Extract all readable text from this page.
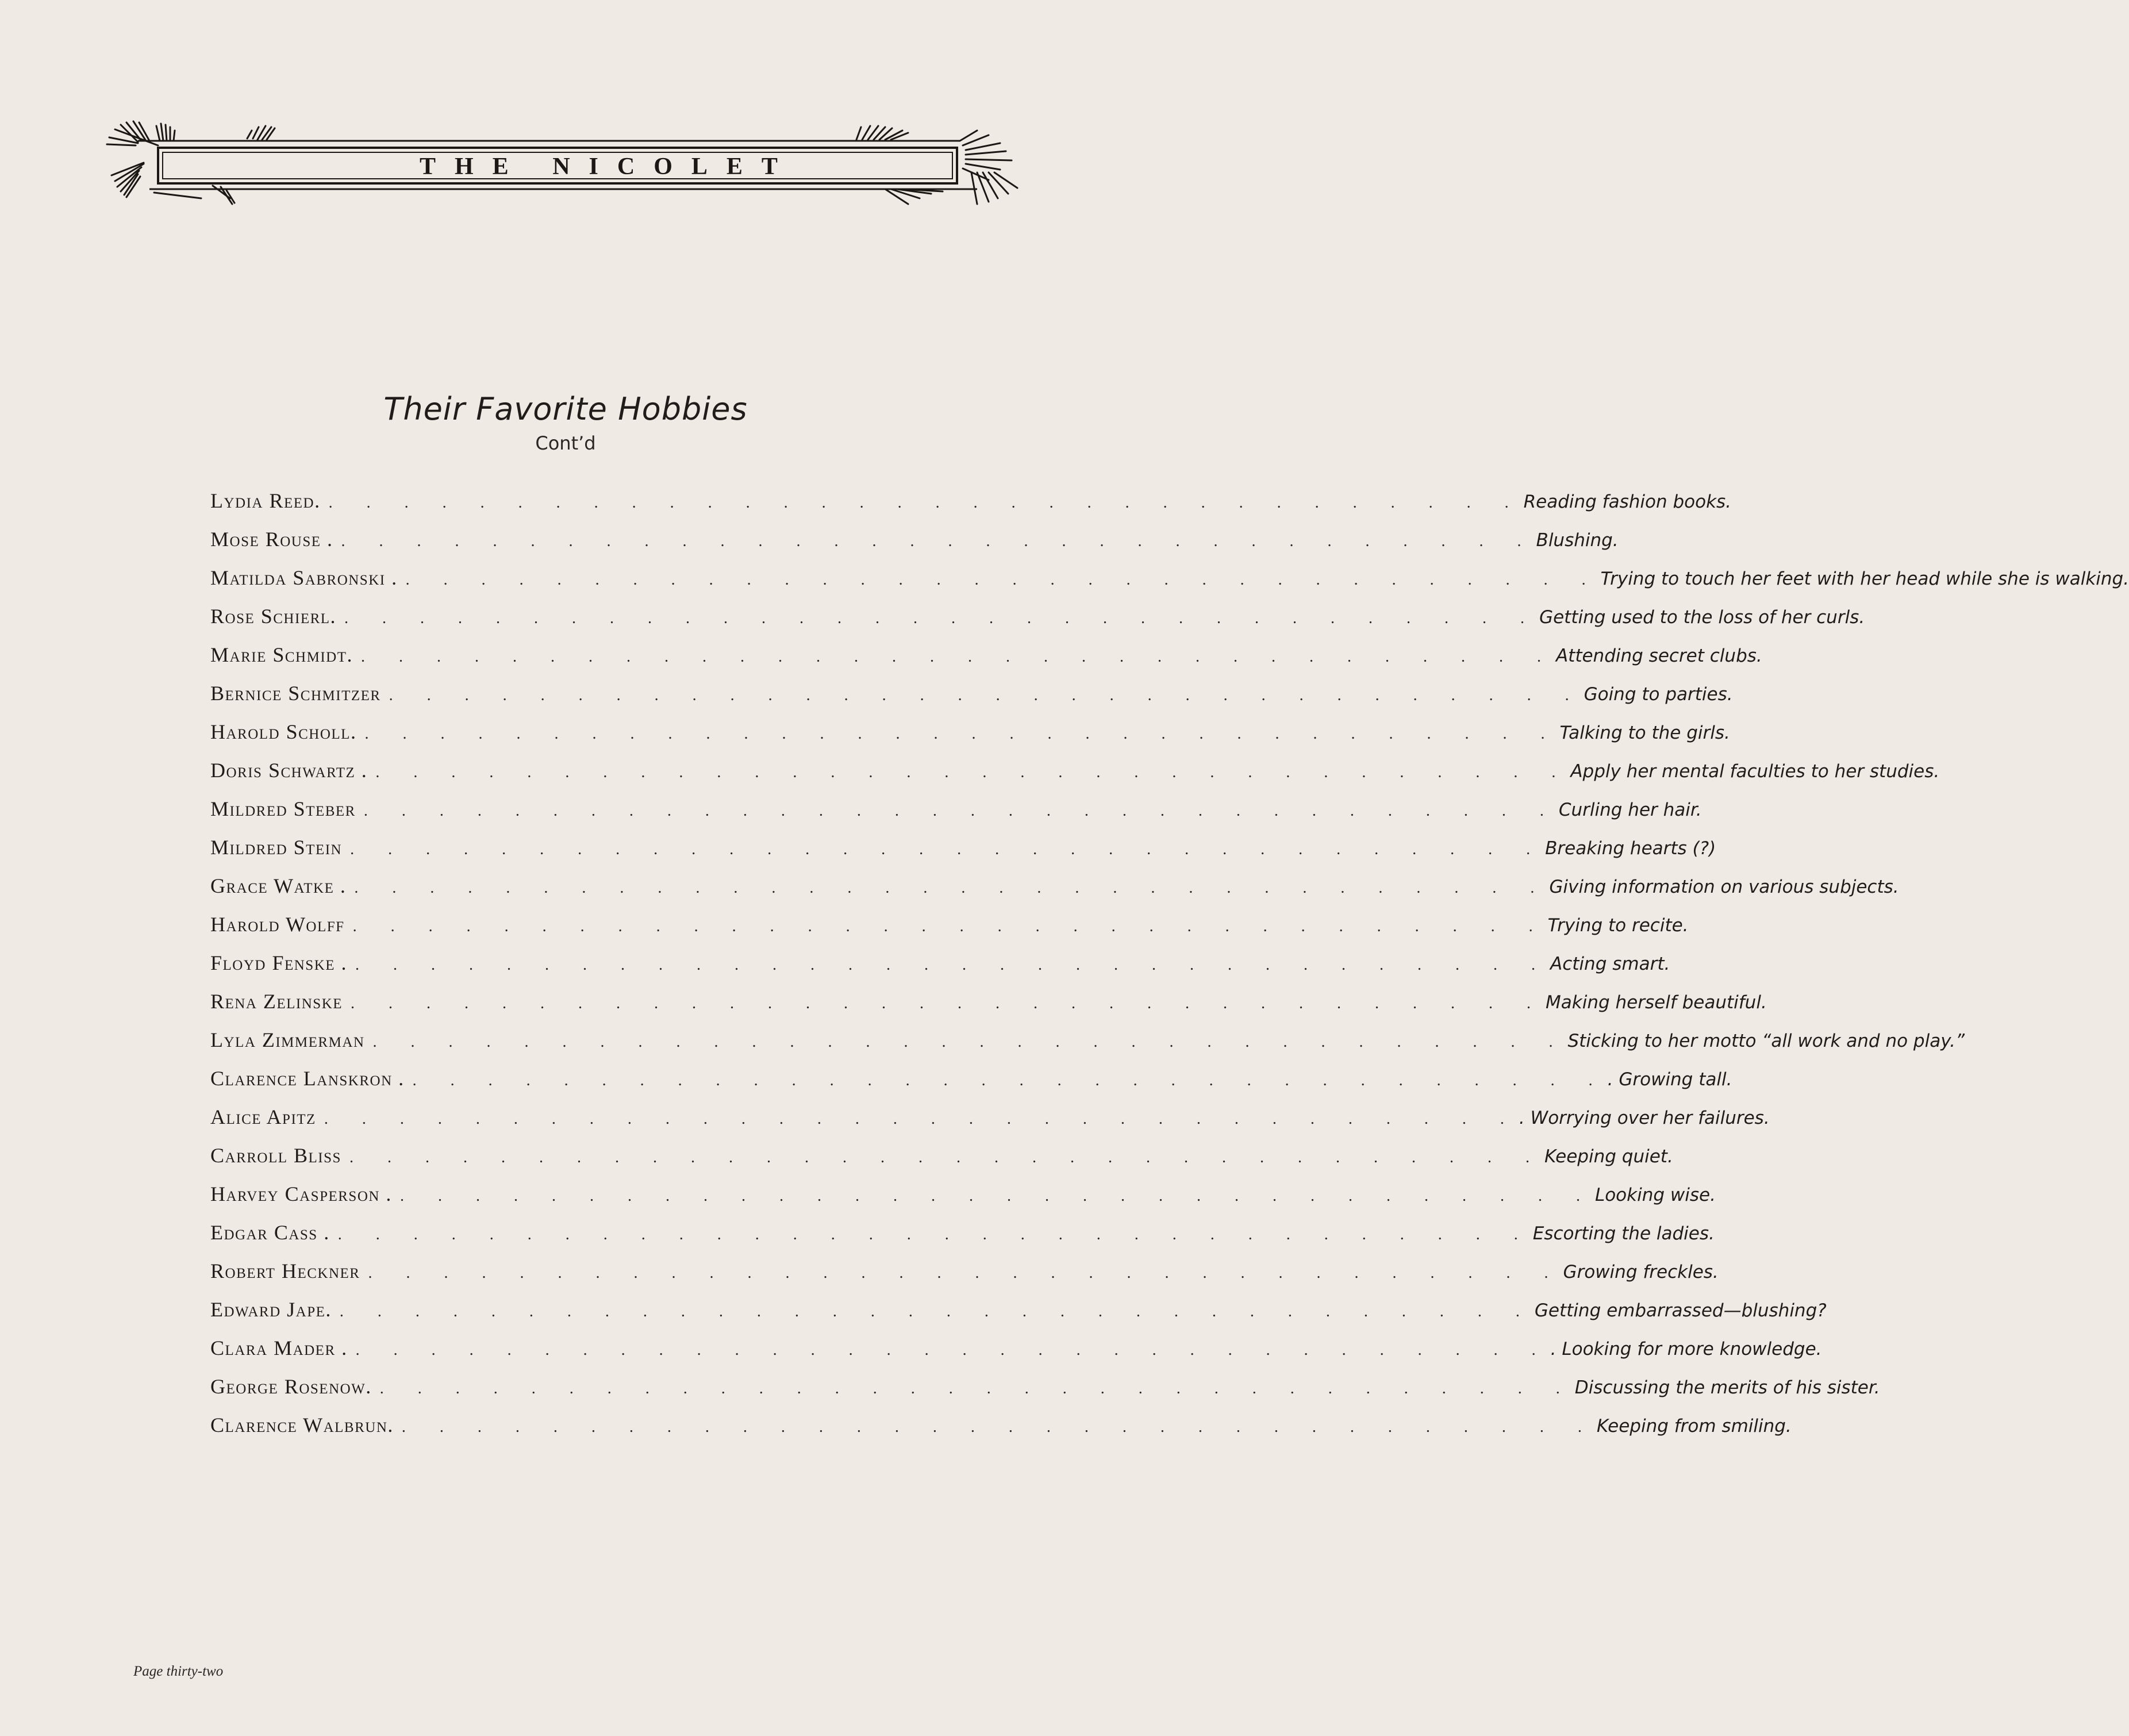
THE NICOLET
Their Favorite Hobbies
Cont’d
Lydia Reed. . . . . . . . . . . . . . . . . . . . . . . . . . . . . . . . . Reading fashion books.
Mose Rouse . . . . . . . . . . . . . . . . . . . . . . . . . . . . . . . . . Blushing.
Matilda Sabronski . . . . . . . . . . . . . . . . . . . . . . . . . . . . . . . . . Trying to touch her feet with her head while she is walking.
Rose Schierl. . . . . . . . . . . . . . . . . . . . . . . . . . . . . . . . . Getting used to the loss of her curls.
Marie Schmidt. . . . . . . . . . . . . . . . . . . . . . . . . . . . . . . . . Attending secret clubs.
Bernice Schmitzer . . . . . . . . . . . . . . . . . . . . . . . . . . . . . . . . Going to parties.
Harold Scholl. . . . . . . . . . . . . . . . . . . . . . . . . . . . . . . . . Talking to the girls.
Doris Schwartz . . . . . . . . . . . . . . . . . . . . . . . . . . . . . . . . . Apply her mental faculties to her studies.
Mildred Steber . . . . . . . . . . . . . . . . . . . . . . . . . . . . . . . . Curling her hair.
Mildred Stein . . . . . . . . . . . . . . . . . . . . . . . . . . . . . . . . Breaking hearts (?)
Grace Watke . . . . . . . . . . . . . . . . . . . . . . . . . . . . . . . . . Giving information on various subjects.
Harold Wolff . . . . . . . . . . . . . . . . . . . . . . . . . . . . . . . . Trying to recite.
Floyd Fenske . . . . . . . . . . . . . . . . . . . . . . . . . . . . . . . . . Acting smart.
Rena Zelinske . . . . . . . . . . . . . . . . . . . . . . . . . . . . . . . . Making herself beautiful.
Lyla Zimmerman . . . . . . . . . . . . . . . . . . . . . . . . . . . . . . . . Sticking to her motto “all work and no play.”
Clarence Lanskron . . . . . . . . . . . . . . . . . . . . . . . . . . . . . . . . . . Growing tall.
Alice Apitz . . . . . . . . . . . . . . . . . . . . . . . . . . . . . . . . . Worrying over her failures.
Carroll Bliss . . . . . . . . . . . . . . . . . . . . . . . . . . . . . . . . Keeping quiet.
Harvey Casperson . . . . . . . . . . . . . . . . . . . . . . . . . . . . . . . . . Looking wise.
Edgar Cass . . . . . . . . . . . . . . . . . . . . . . . . . . . . . . . . . Escorting the ladies.
Robert Heckner . . . . . . . . . . . . . . . . . . . . . . . . . . . . . . . . Growing freckles.
Edward Jape. . . . . . . . . . . . . . . . . . . . . . . . . . . . . . . . . Getting embarrassed—blushing?
Clara Mader . . . . . . . . . . . . . . . . . . . . . . . . . . . . . . . . . . Looking for more knowledge.
George Rosenow. . . . . . . . . . . . . . . . . . . . . . . . . . . . . . . . . Discussing the merits of his sister.
Clarence Walbrun. . . . . . . . . . . . . . . . . . . . . . . . . . . . . . . . . Keeping from smiling.
Page thirty-two
